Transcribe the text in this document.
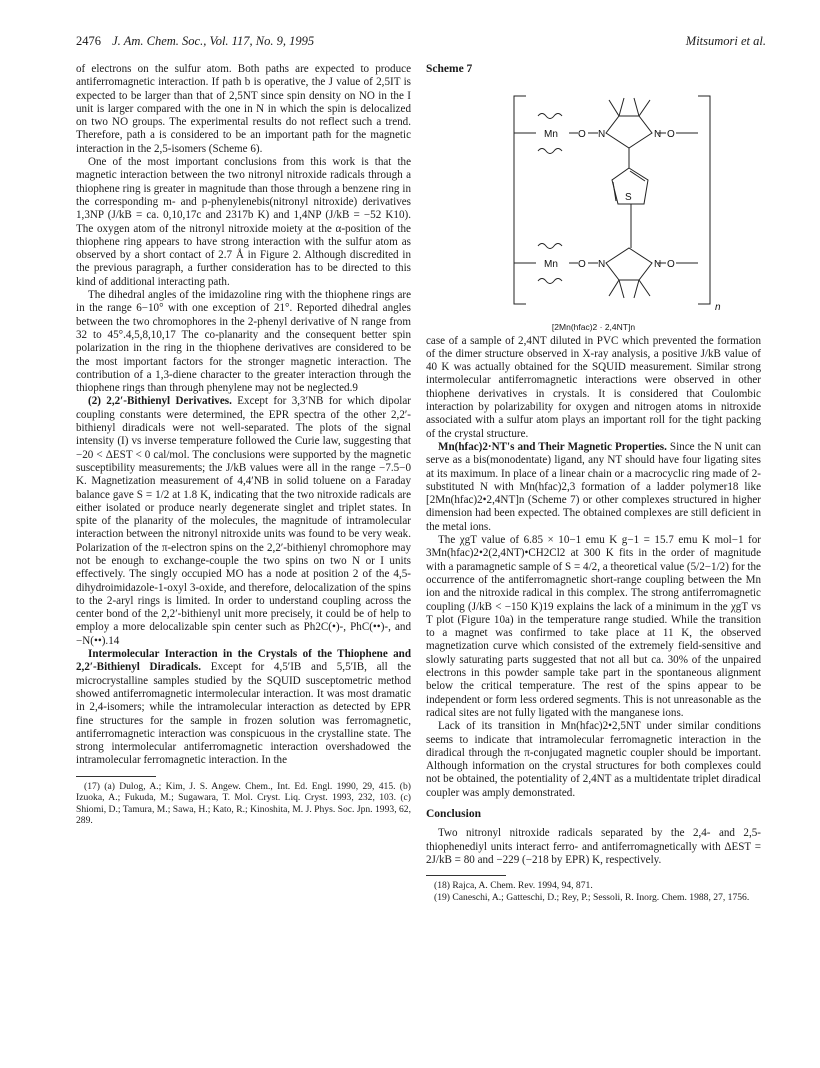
2476 J. Am. Chem. Soc., Vol. 117, No. 9, 1995	Mitsumori et al.

of electrons on the sulfur atom. Both paths are expected to produce antiferromagnetic interaction. If path b is operative, the J value of 2,5IT is expected to be larger than that of 2,5NT since spin density on NO in the I unit is larger compared with the one in N in which the spin is delocalized on two NO groups. The experimental results do not reflect such a trend. Therefore, path a is considered to be an important path for the magnetic interaction in the 2,5-isomers (Scheme 6).

One of the most important conclusions from this work is that the magnetic interaction between the two nitronyl nitroxide radicals through a thiophene ring is greater in magnitude than those through a benzene ring in the corresponding m- and p-phenylenebis(nitronyl nitroxide) derivatives 1,3NP (J/kB = ca. 0,10,17c and 2317b K) and 1,4NP (J/kB = −52 K10). The oxygen atom of the nitronyl nitroxide moiety at the α-position of the thiophene ring appears to have strong interaction with the sulfur atom as observed by a short contact of 2.7 Å in Figure 2. Although discredited in the previous paragraph, a further consideration has to be directed to this kind of additional interacting path.

The dihedral angles of the imidazoline ring with the thiophene rings are in the range 6−10° with one exception of 21°. Reported dihedral angles between the two chromophores in the 2-phenyl derivative of N range from 32 to 45°.4,5,8,10,17 The co-planarity and the consequent better spin polarization in the ring in the thiophene derivatives are considered to be the most important factors for the stronger magnetic interaction. The contribution of a 1,3-diene character to the greater interaction through the thiophene rings than through phenylene may not be neglected.9

(2) 2,2′-Bithienyl Derivatives. Except for 3,3′NB for which dipolar coupling constants were determined, the EPR spectra of the other 2,2′-bithienyl diradicals were not well-separated. The plots of the signal intensity (I) vs inverse temperature followed the Curie law, suggesting that −20 < ΔEST < 0 cal/mol. The conclusions were supported by the magnetic susceptibility measurements; the J/kB values were all in the range −7.5−0 K. Magnetization measurement of 4,4′NB in solid toluene on a Faraday balance gave S = 1/2 at 1.8 K, indicating that the two nitroxide radicals are either isolated or produce nearly degenerate singlet and triplet states. In spite of the planarity of the molecules, the magnitude of intramolecular interaction between the nitronyl nitroxide units was found to be very weak. Polarization of the π-electron spins on the 2,2′-bithienyl chromophore may not be enough to exchange-couple the two spins on two N or I units effectively. The singly occupied MO has a node at position 2 of the 4,5-dihydroimidazole-1-oxyl 3-oxide, and therefore, delocalization of the spins to the 2-aryl rings is limited. In order to understand coupling across the center bond of the 2,2′-bithienyl unit more precisely, it could be of help to employ a more delocalizable spin center such as Ph2C(•)-, PhC(••)-, and −N(••).14

Intermolecular Interaction in the Crystals of the Thiophene and 2,2′-Bithienyl Diradicals. Except for 4,5′IB and 5,5′IB, all the microcrystalline samples studied by the SQUID susceptometric method showed antiferromagnetic intermolecular interaction. It was most dramatic in 2,4-isomers; while the intramolecular interaction as detected by EPR fine structures for the sample in frozen solution was ferromagnetic, antiferromagnetic interaction was conspicuous in the crystalline state. The strong intermolecular antiferromagnetic interaction overshadowed the intramolecular ferromagnetic interaction. In the

(17) (a) Dulog, A.; Kim, J. S. Angew. Chem., Int. Ed. Engl. 1990, 29, 415. (b) Izuoka, A.; Fukuda, M.; Sugawara, T. Mol. Cryst. Liq. Cryst. 1993, 232, 103. (c) Shiomi, D.; Tamura, M.; Sawa, H.; Kato, R.; Kinoshita, M. J. Phys. Soc. Jpn. 1993, 62, 289.

Scheme 7

Mn O N	N O
S
Mn O N	N O
n

[2Mn(hfac)2 · 2,4NT]n

case of a sample of 2,4NT diluted in PVC which prevented the formation of the dimer structure observed in X-ray analysis, a positive J/kB value of 40 K was actually obtained for the SQUID measurement. Similar strong intermolecular antiferromagnetic interactions were observed in other thiophene derivatives in crystals. It is considered that Coulombic interaction by polarizability for oxygen and nitrogen atoms in nitroxide associated with a sulfur atom plays an important roll for the tight packing of the crystal structure.

Mn(hfac)2·NT's and Their Magnetic Properties. Since the N unit can serve as a bis(monodentate) ligand, any NT should have four ligating sites at its maximum. In place of a linear chain or a macrocyclic ring made of 2-substituted N with Mn(hfac)2,3 formation of a ladder polymer18 like [2Mn(hfac)2•2,4NT]n (Scheme 7) or other complexes structured in higher dimension had been expected. The obtained complexes are still deficient in the metal ions.

The χgT value of 6.85 × 10−1 emu K g−1 = 15.7 emu K mol−1 for 3Mn(hfac)2•2(2,4NT)•CH2Cl2 at 300 K fits in the order of magnitude with a paramagnetic sample of S = 4/2, a theoretical value (5/2−1/2) for the occurrence of the antiferromagnetic short-range coupling between the Mn ion and the nitroxide radical in this complex. The strong antiferromagnetic coupling (J/kB < −150 K)19 explains the lack of a minimum in the χgT vs T plot (Figure 10a) in the temperature range studied. While the transition to a magnet was confirmed to take place at 11 K, the observed magnetization curve which consisted of the extremely field-sensitive and slowly saturating parts suggested that not all but ca. 30% of the unpaired electrons in this powder sample take part in the spontaneous alignment below the critical temperature. The rest of the spins appear to be independent or form less ordered segments. This is not unreasonable as the radical sites are not fully ligated with the manganese ions.

Lack of its transition in Mn(hfac)2•2,5NT under similar conditions seems to indicate that intramolecular ferromagnetic interaction in the diradical through the π-conjugated magnetic coupler should be important. Although information on the crystal structures for both complexes could not be obtained, the potentiality of 2,4NT as a multidentate triplet diradical coupler was amply demonstrated.

Conclusion

Two nitronyl nitroxide radicals separated by the 2,4- and 2,5-thiophenediyl units interact ferro- and antiferromagnetically with ΔEST = 2J/kB = 80 and −229 (−218 by EPR) K, respectively.

(18) Rajca, A. Chem. Rev. 1994, 94, 871.

(19) Caneschi, A.; Gatteschi, D.; Rey, P.; Sessoli, R. Inorg. Chem. 1988, 27, 1756.
